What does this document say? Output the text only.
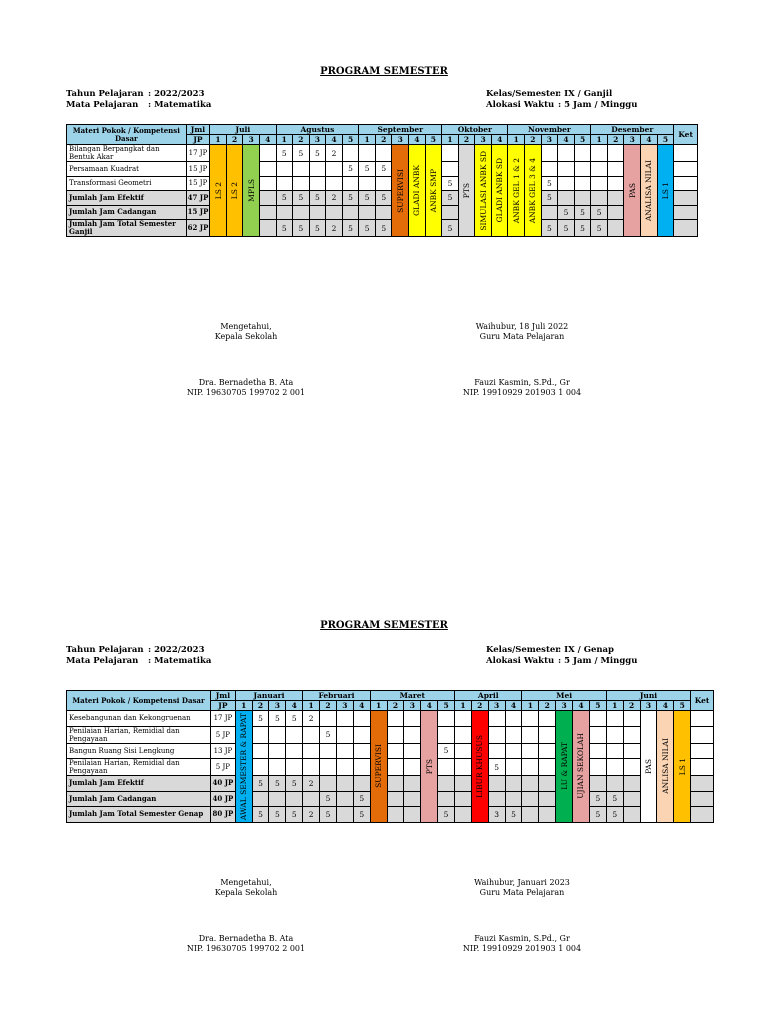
PROGRAM SEMESTER
Tahun Pelajaran
Mata Pelajaran
: 2022/2023
: Matematika
Kelas/Semester
Alokasi Waktu
: IX / Ganjil
: 5 Jam / Minggu
Materi Pokok / Kompetensi Dasar	Jml	Juli				Agustus					September					Oktober				November					Desember					Ket
	JP	1	2	3	4	1	2	3	4	5	1	2	3	4	5	1	2	3	4	1	2	3	4	5	1	2	3	4	5	
Bilangan Berpangkat dan Bentuk Akar	17 JP	LS 2	LS 2	MPLS		5	5	5	2				SUPERVISI	GLADI ANBK	ANBK SMP		PTS	SIMULASI ANBK SD	GLADI ANBK SD	ANBK GEL 1 & 2	ANBK GEL 3 & 4						PAS	ANALISA NILAI	LS 1	

Persamaan Kuadrat	15 JP									5	5	5																		
Transformasi Geometri	15 JP															5						5								
Jumlah Jam Efektif	47 JP					5	5	5	2	5	5	5				5						5								
Jumlah Jam Cadangan	15 JP																						5	5	5					
Jumlah Jam Total Semester Ganjil	62 JP					5	5	5	2	5	5	5				5						5	5	5	5					
Mengetahui,
Kepala Sekolah
Dra. Bernadetha B. Ata
NIP. 19630705 199702 2 001
Waihubur, 18 Juli 2022
Guru Mata Pelajaran
Fauzi Kasmin, S.Pd., Gr
NIP. 19910929 201903 1 004
PROGRAM SEMESTER
Tahun Pelajaran
Mata Pelajaran
: 2022/2023
: Matematika
Kelas/Semester
Alokasi Waktu
: IX / Genap
: 5 Jam / Minggu
Materi Pokok / Kompetensi Dasar	Jml	Januari				Februari				Maret					April				Mei					Juni					Ket
	JP	1	2	3	4	1	2	3	4	1	2	3	4	5	1	2	3	4	1	2	3	4	5	1	2	3	4	5	
Kesebangunan dan Kekongruenan	17 JP	AWAL SEMESTER & RAPAT	5	5	5	2				SUPERVISI			PTS			LIBUR KHUSUS					LU & RAPAT	UJIAN SEKOLAH				PAS	ANLISA NILAI	LS 1	

Penilaian Harian, Remidial dan Pengayaan	5 JP						5																						
Bangun Ruang Sisi Lengkung	13 JP													5															
Penilaian Harian, Remidial dan Pengayaan	5 JP																5												
Jumlah Jam Efektif	40 JP		5	5	5	2																							
Jumlah Jam Cadangan	40 JP						5		5														5	5					
Jumlah Jam Total Semester Genap	80 JP		5	5	5	2	5		5					5			3	5					5	5					
Mengetahui,
Kepala Sekolah
Dra. Bernadetha B. Ata
NIP. 19630705 199702 2 001
Waihubur, Januari 2023
Guru Mata Pelajaran
Fauzi Kasmin, S.Pd., Gr
NIP. 19910929 201903 1 004
